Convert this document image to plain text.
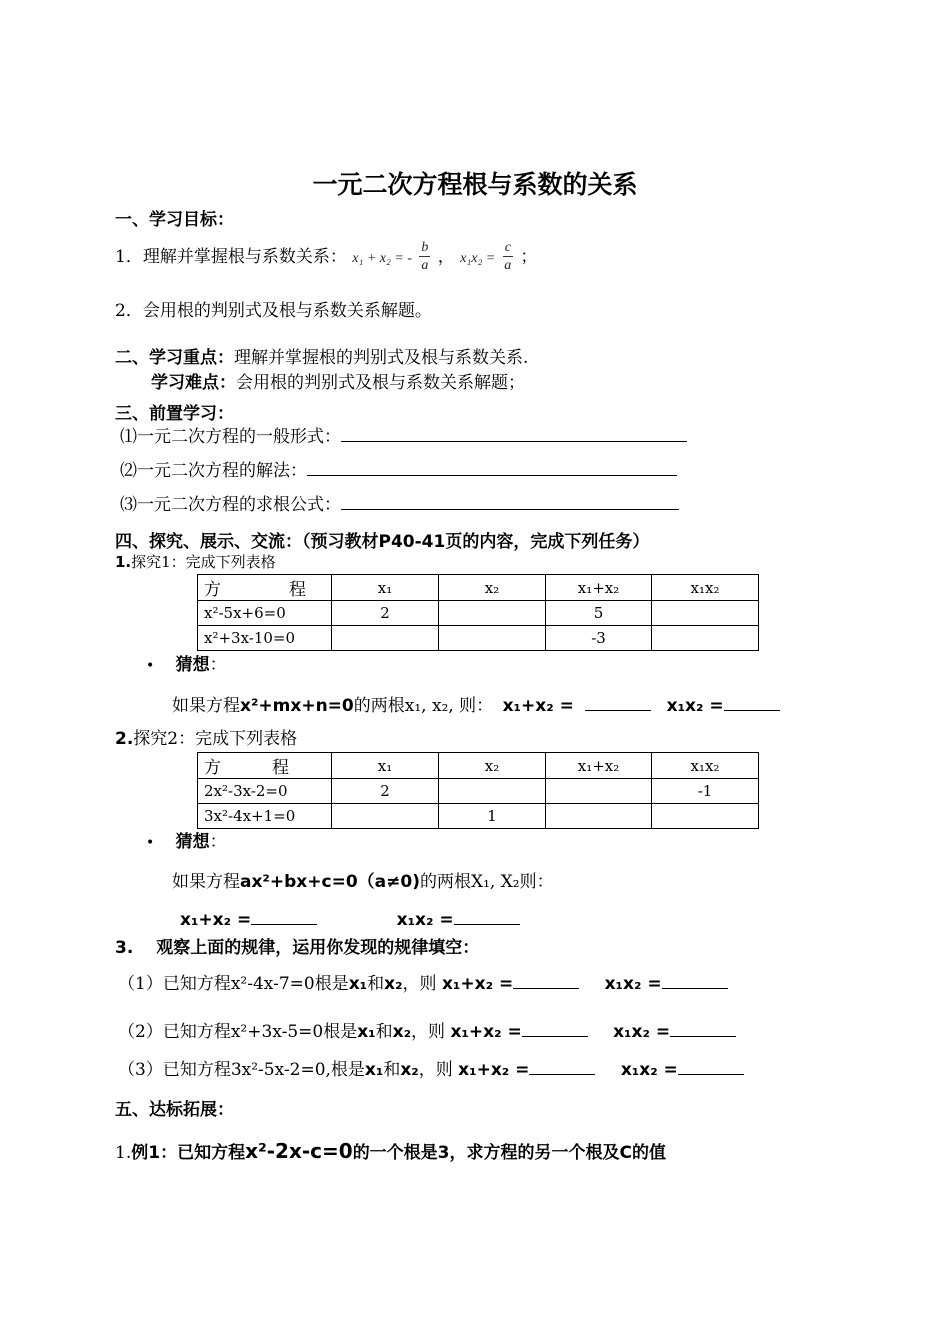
一元二次方程根与系数的关系
一、学习目标：
1．理解并掌握根与系数关系： x₁ + x₂ = - $\frac{b}{a}$ ， $x_1x_2 = \frac{c}{a}$ ；
2．会用根的判别式及根与系数关系解题。
二、学习重点：理解并掌握根的判别式及根与系数关系.
学习难点：会用根的判别式及根与系数关系解题；
三、前置学习：
⑴一元二次方程的一般形式：
⑵一元二次方程的解法：
⑶一元二次方程的求根公式：
四、探究、展示、交流：（预习教材P40-41页的内容，完成下列任务）
1.探究1：完成下列表格
方　　　　程	x₁	x₂	x₁+x₂	x₁x₂
x²-5x+6=0	2		5	
x²+3x-10=0			-3	
• 猜想：
如果方程x²+mx+n=0的两根x₁, x₂, 则： x₁+x₂ =	x₁x₂ =
2.探究2：完成下列表格
方　　　程	x₁	x₂	x₁+x₂	x₁x₂
2x²-3x-2=0	2			-1
3x²-4x+1=0		1		
• 猜想：
如果方程ax²+bx+c=0（a≠0)的两根X₁, X₂则：
x₁+x₂ =	x₁x₂ =
3.　 观察上面的规律，运用你发现的规律填空：
（1）已知方程x²-4x-7=0根是x₁和x₂，则 x₁+x₂ =	x₁x₂ =
（2）已知方程x²+3x-5=0根是x₁和x₂，则 x₁+x₂ =	x₁x₂ =
（3）已知方程3x²-5x-2=0,根是x₁和x₂，则 x₁+x₂ =	x₁x₂ =
五、达标拓展：
1.例1：已知方程x²-2x-c=0的一个根是3，求方程的另一个根及C的值
